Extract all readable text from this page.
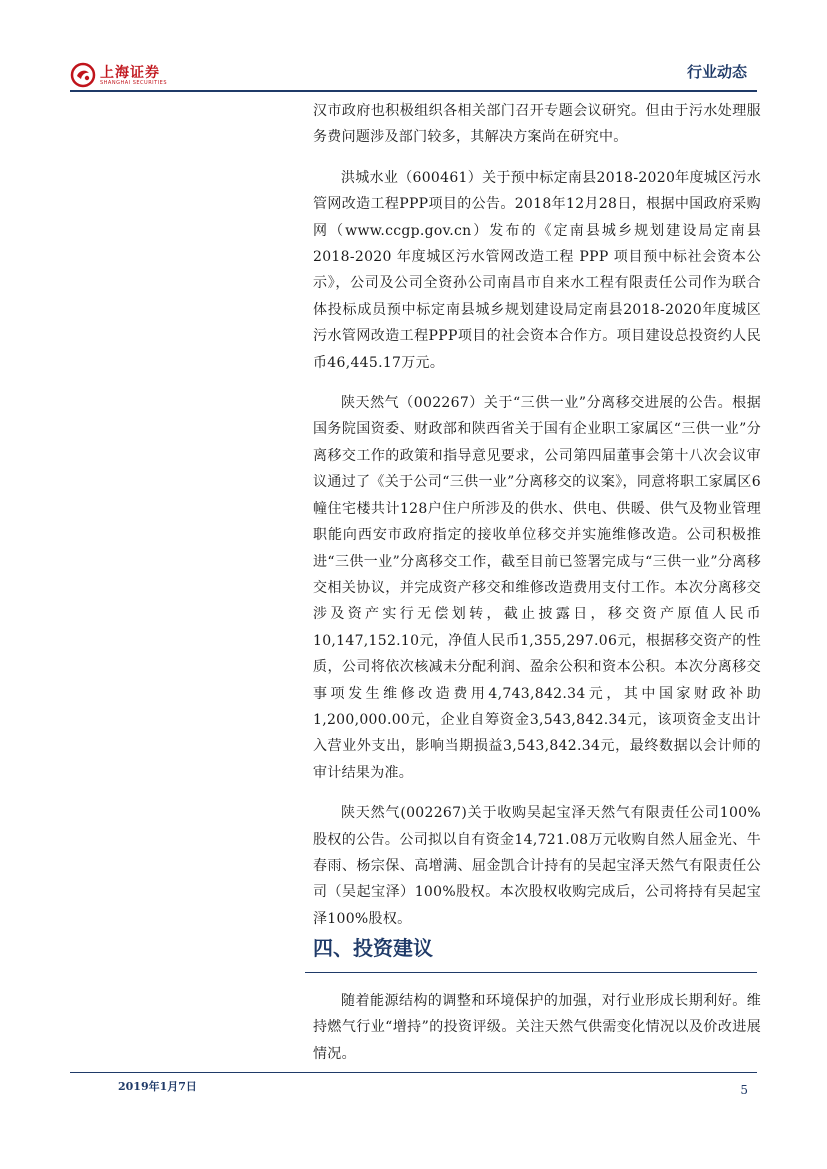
上海证券
SHANGHAI SECURITIES
行业动态

汉市政府也积极组织各相关部门召开专题会议研究。但由于污水处理服务费问题涉及部门较多，其解决方案尚在研究中。

洪城水业（600461）关于预中标定南县2018-2020年度城区污水管网改造工程PPP项目的公告。2018年12月28日，根据中国政府采购网（www.ccgp.gov.cn）发布的《定南县城乡规划建设局定南县2018-2020 年度城区污水管网改造工程 PPP 项目预中标社会资本公示》，公司及公司全资孙公司南昌市自来水工程有限责任公司作为联合体投标成员预中标定南县城乡规划建设局定南县2018-2020年度城区污水管网改造工程PPP项目的社会资本合作方。项目建设总投资约人民币46,445.17万元。

陕天然气（002267）关于“三供一业”分离移交进展的公告。根据国务院国资委、财政部和陕西省关于国有企业职工家属区“三供一业”分离移交工作的政策和指导意见要求，公司第四届董事会第十八次会议审议通过了《关于公司“三供一业”分离移交的议案》，同意将职工家属区6幢住宅楼共计128户住户所涉及的供水、供电、供暖、供气及物业管理职能向西安市政府指定的接收单位移交并实施维修改造。公司积极推进“三供一业”分离移交工作，截至目前已签署完成与“三供一业”分离移交相关协议，并完成资产移交和维修改造费用支付工作。本次分离移交涉及资产实行无偿划转，截止披露日，移交资产原值人民币10,147,152.10元，净值人民币1,355,297.06元，根据移交资产的性质，公司将依次核减未分配利润、盈余公积和资本公积。本次分离移交事项发生维修改造费用4,743,842.34元，其中国家财政补助1,200,000.00元，企业自筹资金3,543,842.34元，该项资金支出计入营业外支出，影响当期损益3,543,842.34元，最终数据以会计师的审计结果为准。

陕天然气(002267)关于收购吴起宝泽天然气有限责任公司100%股权的公告。公司拟以自有资金14,721.08万元收购自然人屈金光、牛春雨、杨宗保、高增满、屈金凯合计持有的吴起宝泽天然气有限责任公司（吴起宝泽）100%股权。本次股权收购完成后，公司将持有吴起宝泽100%股权。

四、投资建议

随着能源结构的调整和环境保护的加强，对行业形成长期利好。维持燃气行业“增持”的投资评级。关注天然气供需变化情况以及价改进展情况。

2019年1月7日	5
